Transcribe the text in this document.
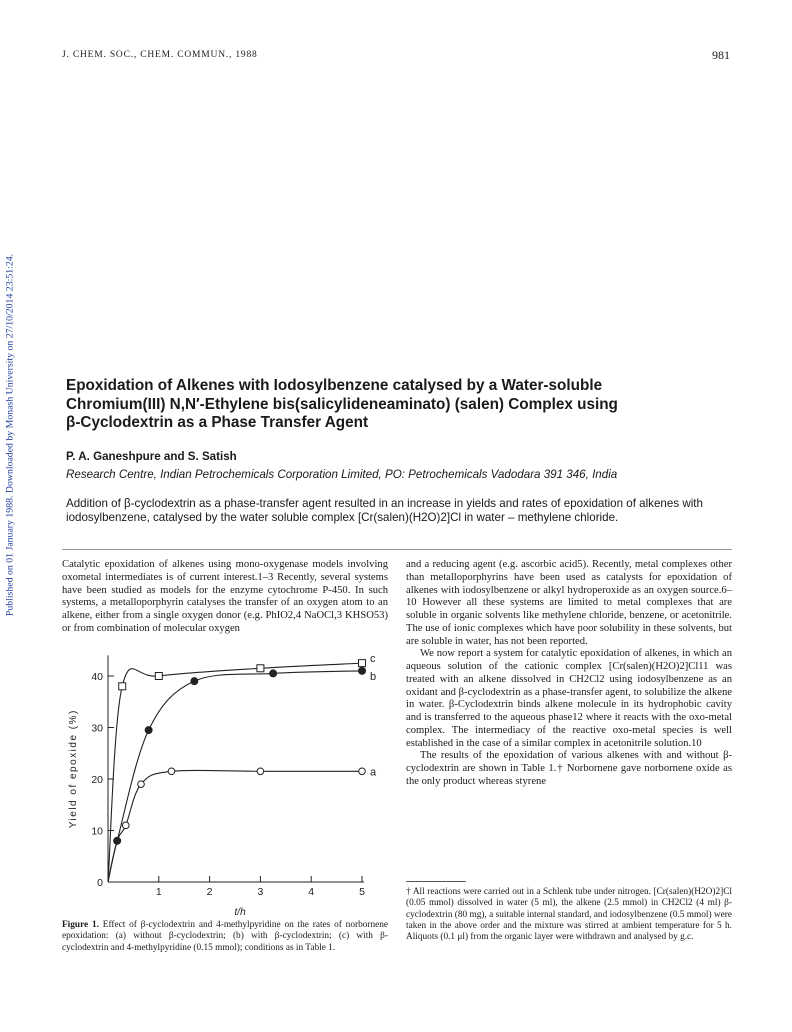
J. CHEM. SOC., CHEM. COMMUN., 1988	981
Published on 01 January 1988. Downloaded by Monash University on 27/10/2014 23:51:24.	Epoxidation of Alkenes with Iodosylbenzene catalysed by a Water-soluble
Chromium(III) N,N′-Ethylene bis(salicylideneaminato) (salen) Complex using
β-Cyclodextrin as a Phase Transfer Agent
P. A. Ganeshpure and S. Satish
Research Centre, Indian Petrochemicals Corporation Limited, PO: Petrochemicals Vadodara 391 346, India
Addition of β-cyclodextrin as a phase-transfer agent resulted in an increase in yields and rates of epoxidation of alkenes with iodosylbenzene, catalysed by the water soluble complex [Cr(salen)(H2O)2]Cl in water – methylene chloride.

Catalytic epoxidation of alkenes using mono-oxygenase models involving oxometal intermediates is of current interest.1–3 Recently, several systems have been studied as models for the enzyme cytochrome P-450. In such systems, a metalloporphyrin catalyses the transfer of an oxygen atom to an alkene, either from a single oxygen donor (e.g. PhIO2,4 NaOCl,3 KHSO53) or from combination of molecular oxygen

1	2	3	4	5
10
20
30
40
0
t/h
Yield of epoxide (%)	a
b
c
Figure 1. Effect of β-cyclodextrin and 4-methylpyridine on the rates of norbornene epoxidation: (a) without β-cyclodextrin; (b) with β-cyclodextrin; (c) with β-cyclodextrin and 4-methylpyridine (0.15 mmol); conditions as in Table 1.

and a reducing agent (e.g. ascorbic acid5). Recently, metal complexes other than metalloporphyrins have been used as catalysts for epoxidation of alkenes with iodosylbenzene or alkyl hydroperoxide as an oxygen source.6–10 However all these systems are limited to metal complexes that are soluble in organic solvents like methylene chloride, benzene, or acetonitrile. The use of ionic complexes which have poor solubility in these solvents, but are soluble in water, has not been reported.

We now report a system for catalytic epoxidation of alkenes, in which an aqueous solution of the cationic complex [Cr(salen)(H2O)2]Cl11 was treated with an alkene dissolved in CH2Cl2 using iodosylbenzene as an oxidant and β-cyclodextrin as a phase-transfer agent, to solubilize the alkene in water. β-Cyclodextrin binds alkene molecule in its hydrophobic cavity and is transferred to the aqueous phase12 where it reacts with the oxo-metal complex. The intermediacy of the reactive oxo-metal species is well established in the case of a similar complex in acetonitrile solution.10

The results of the epoxidation of various alkenes with and without β-cyclodextrin are shown in Table 1.† Norbornene gave norbornene oxide as the only product whereas styrene

† All reactions were carried out in a Schlenk tube under nitrogen. [Cr(salen)(H2O)2]Cl (0.05 mmol) dissolved in water (5 ml), the alkene (2.5 mmol) in CH2Cl2 (4 ml) β-cyclodextrin (80 mg), a suitable internal standard, and iodosylbenzene (0.5 mmol) were taken in the above order and the mixture was stirred at ambient temperature for 5 h. Aliquots (0.1 μl) from the organic layer were withdrawn and analysed by g.c.
